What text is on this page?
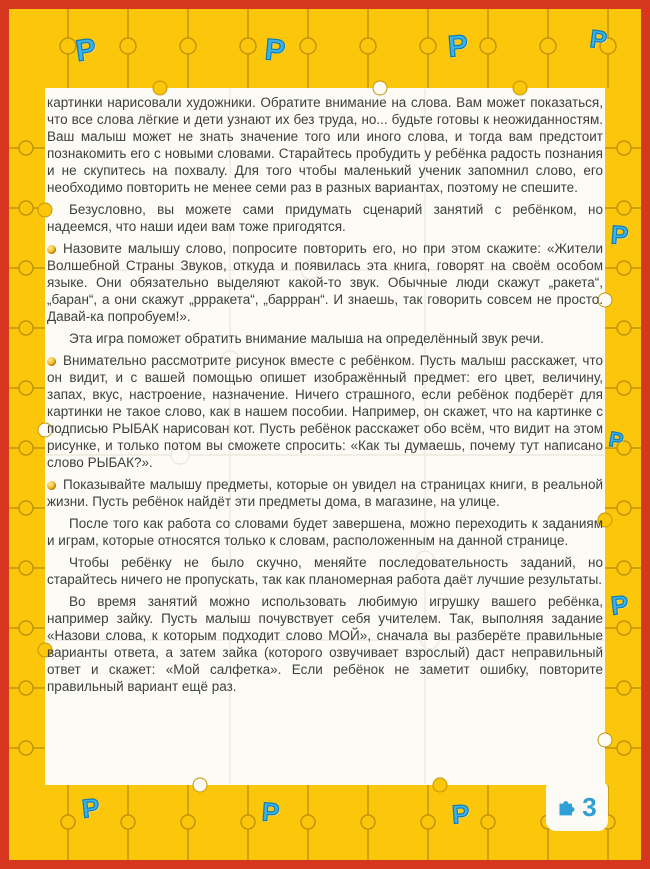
Р	Р	Р	Р
Р
Р
Р
Р	Р	Р

картинки нарисовали художники. Обратите внимание на слова. Вам может показаться, что все слова лёгкие и дети узнают их без труда, но... будьте готовы к неожиданностям. Ваш малыш может не знать значение того или иного слова, и тогда вам предстоит познакомить его с новыми словами. Старайтесь пробудить у ребёнка радость познания и не скупитесь на похвалу. Для того чтобы маленький ученик запомнил слово, его необходимо повторить не менее семи раз в разных вариантах, поэтому не спешите.

Безусловно, вы можете сами придумать сценарий занятий с ребёнком, но надеемся, что наши идеи вам тоже пригодятся.

Назовите малышу слово, попросите повторить его, но при этом скажите: «Жители Волшебной Страны Звуков, откуда и появилась эта книга, говорят на своём особом языке. Они обязательно выделяют какой-то звук. Обычные люди скажут „ракета“, „баран“, а они скажут „ррракета“, „баррран“. И знаешь, так говорить совсем не просто. Давай-ка попробуем!».

Эта игра поможет обратить внимание малыша на определённый звук речи.

Внимательно рассмотрите рисунок вместе с ребёнком. Пусть малыш расскажет, что он видит, и с вашей помощью опишет изображённый предмет: его цвет, величину, запах, вкус, настроение, назначение. Ничего страшного, если ребёнок подберёт для картинки не такое слово, как в нашем пособии. Например, он скажет, что на картинке с подписью РЫБАК нарисован кот. Пусть ребёнок расскажет обо всём, что видит на этом рисунке, и только потом вы сможете спросить: «Как ты думаешь, почему тут написано слово РЫБАК?».

Показывайте малышу предметы, которые он увидел на страницах книги, в реальной жизни. Пусть ребёнок найдёт эти предметы дома, в магазине, на улице.

После того как работа со словами будет завершена, можно переходить к заданиям и играм, которые относятся только к словам, расположенным на данной странице.

Чтобы ребёнку не было скучно, меняйте последовательность заданий, но старайтесь ничего не пропускать, так как планомерная работа даёт лучшие результаты.

Во время занятий можно использовать любимую игрушку вашего ребёнка, например зайку. Пусть малыш почувствует себя учителем. Так, выполняя задание «Назови слова, к которым подходит слово МОЙ», сначала вы разберёте правильные варианты ответа, а затем зайка (которого озвучивает взрослый) даст неправильный ответ и скажет: «Мой салфетка». Если ребёнок не заметит ошибку, повторите правильный вариант ещё раз.

3
